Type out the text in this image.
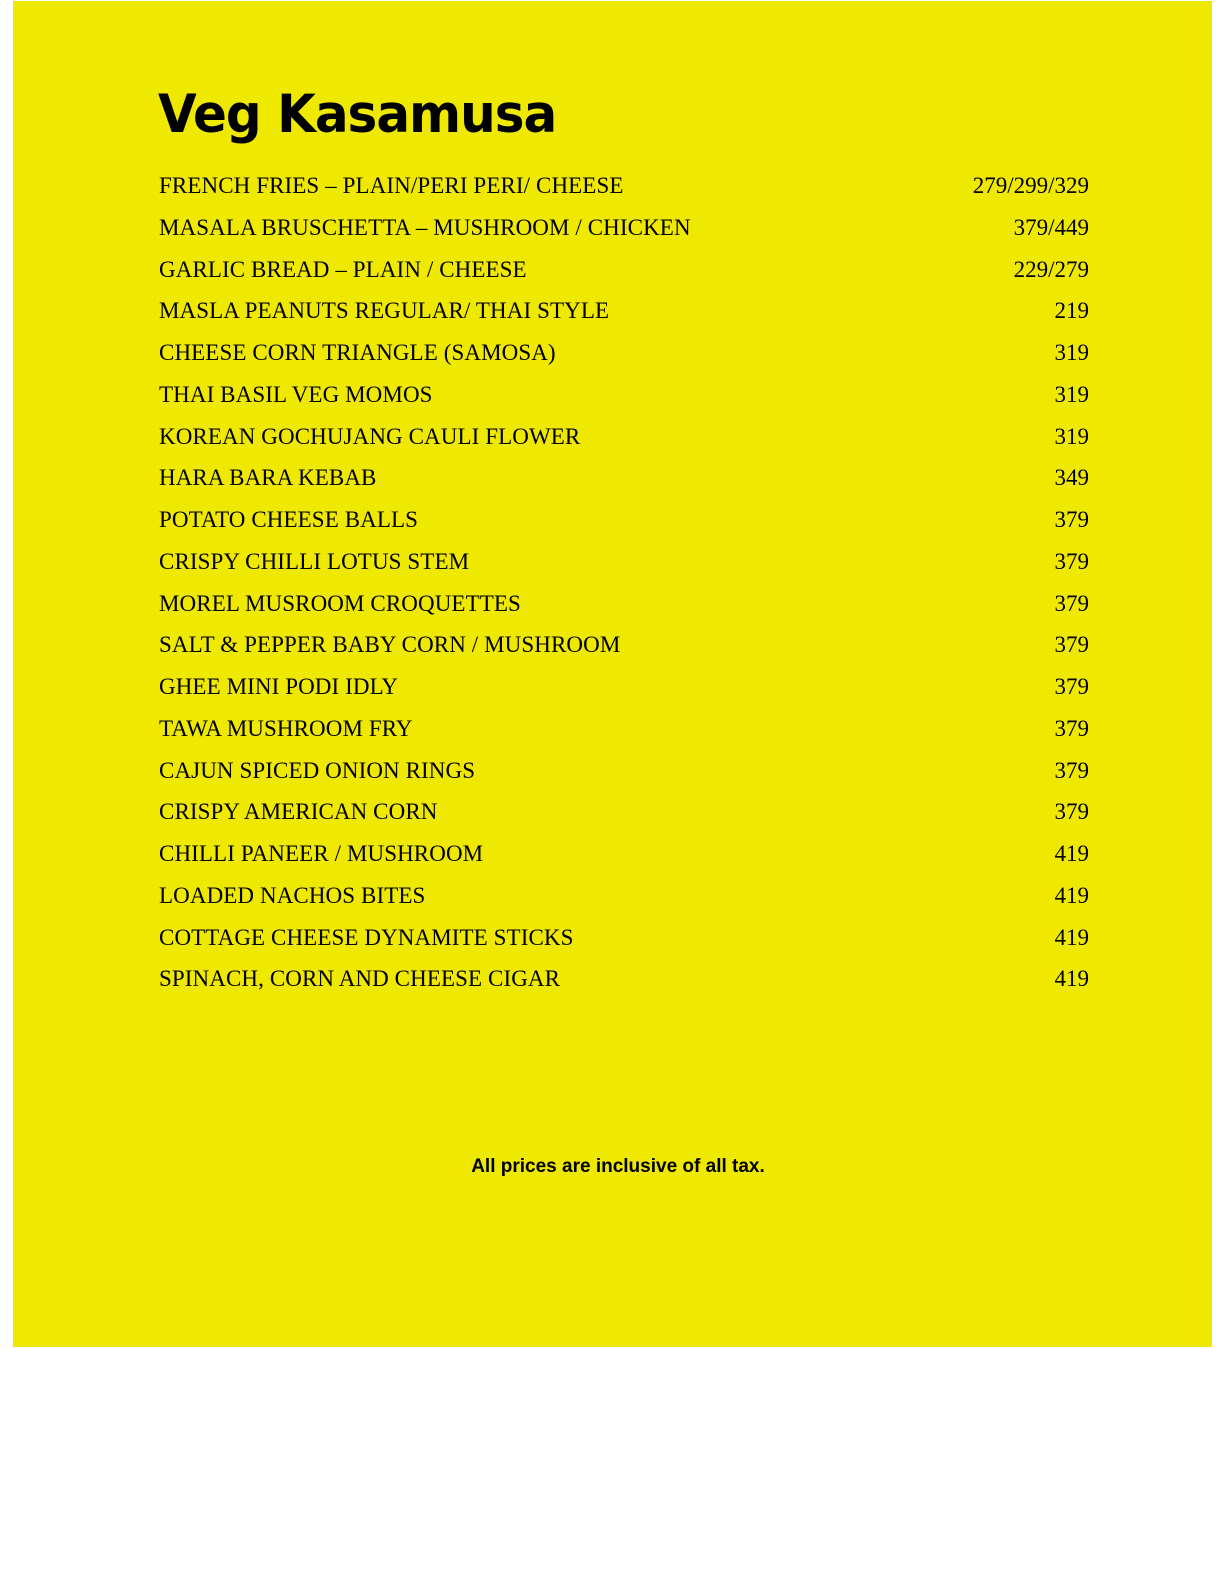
Veg Kasamusa
FRENCH FRIES – PLAIN/PERI PERI/ CHEESE	279/299/329
MASALA BRUSCHETTA – MUSHROOM / CHICKEN	379/449
GARLIC BREAD – PLAIN / CHEESE	229/279
MASLA PEANUTS REGULAR/ THAI STYLE	219
CHEESE CORN TRIANGLE (SAMOSA)	319
THAI BASIL VEG MOMOS	319
KOREAN GOCHUJANG CAULI FLOWER	319
HARA BARA KEBAB	349
POTATO CHEESE BALLS	379
CRISPY CHILLI LOTUS STEM	379
MOREL MUSROOM CROQUETTES	379
SALT & PEPPER BABY CORN / MUSHROOM	379
GHEE MINI PODI IDLY	379
TAWA MUSHROOM FRY	379
CAJUN SPICED ONION RINGS	379
CRISPY AMERICAN CORN	379
CHILLI PANEER / MUSHROOM	419
LOADED NACHOS BITES	419
COTTAGE CHEESE DYNAMITE STICKS	419
SPINACH, CORN AND CHEESE CIGAR	419

All prices are inclusive of all tax.
